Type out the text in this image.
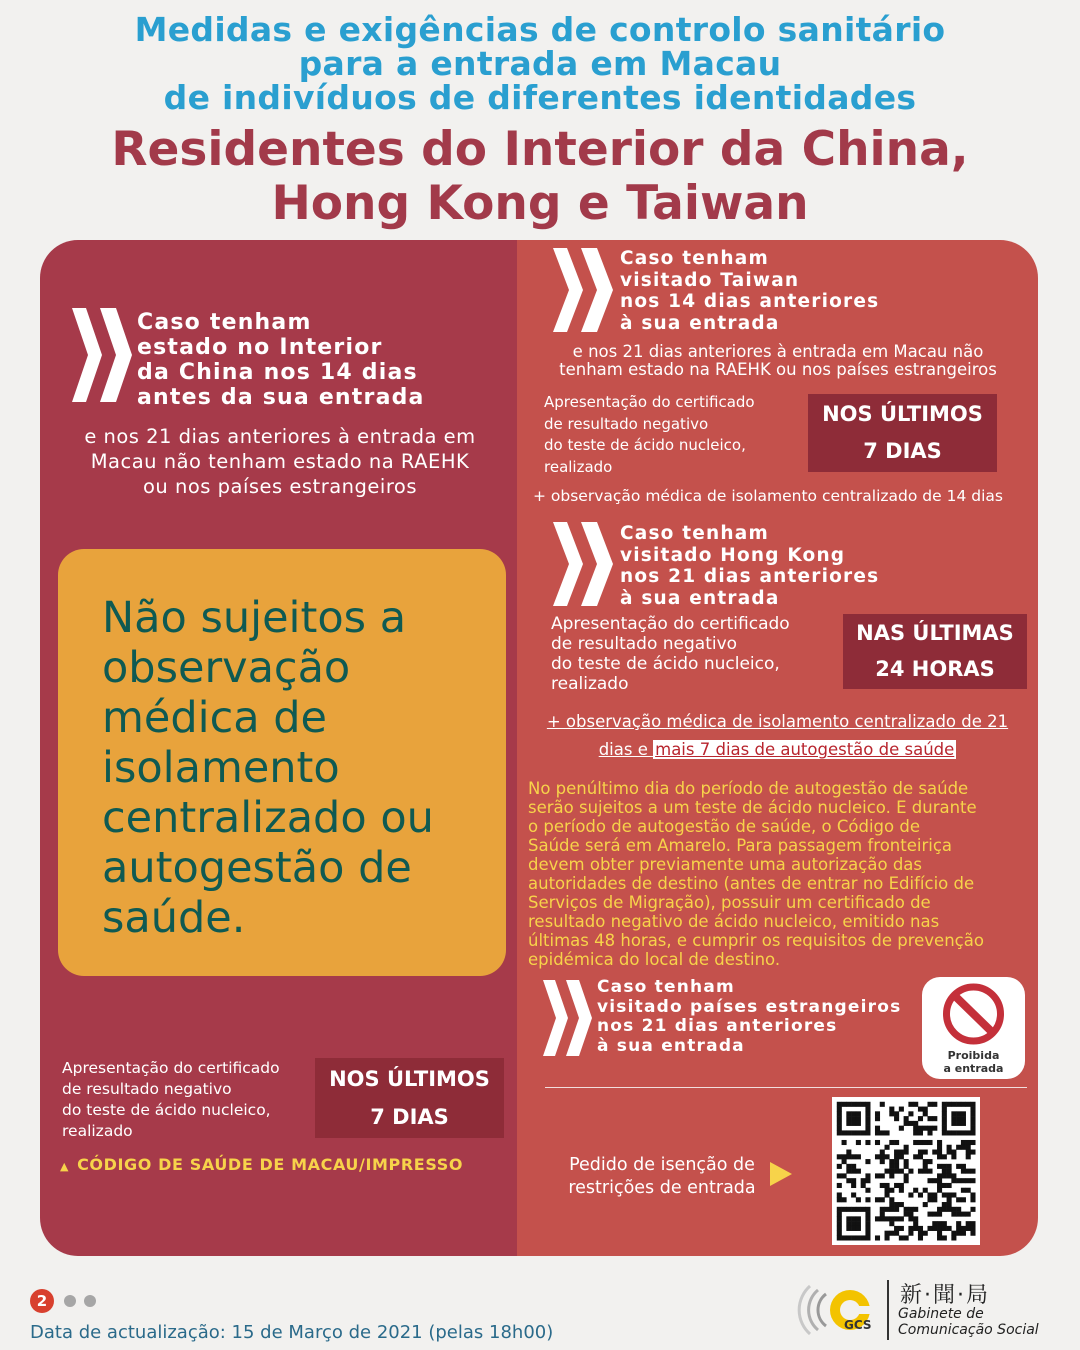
Medidas e exigências de controlo sanitário
para a entrada em Macau
de indivíduos de diferentes identidades
Residentes do Interior da China,
Hong Kong e Taiwan
Caso tenham
estado no Interior
da China nos 14 dias
antes da sua entrada
e nos 21 dias anteriores à entrada em
Macau não tenham estado na RAEHK
ou nos países estrangeiros
Não sujeitos a
observação
médica de
isolamento
centralizado ou
autogestão de
saúde.
Apresentação do certificado
de resultado negativo
do teste de ácido nucleico,
realizado
NOS ÚLTIMOS
7 DIAS
▲ CÓDIGO DE SAÚDE DE MACAU/IMPRESSO
Caso tenham
visitado Taiwan
nos 14 dias anteriores
à sua entrada
e nos 21 dias anteriores à entrada em Macau não
tenham estado na RAEHK ou nos países estrangeiros
Apresentação do certificado
de resultado negativo
do teste de ácido nucleico,
realizado
NOS ÚLTIMOS
7 DIAS
+ observação médica de isolamento centralizado de 14 dias
Caso tenham
visitado Hong Kong
nos 21 dias anteriores
à sua entrada
Apresentação do certificado
de resultado negativo
do teste de ácido nucleico,
realizado
NAS ÚLTIMAS
24 HORAS
+ observação médica de isolamento centralizado de 21
dias e mais 7 dias de autogestão de saúde
No penúltimo dia do período de autogestão de saúde
serão sujeitos a um teste de ácido nucleico. E durante
o período de autogestão de saúde, o Código de
Saúde será em Amarelo. Para passagem fronteiriça
devem obter previamente uma autorização das
autoridades de destino (antes de entrar no Edifício de
Serviços de Migração), possuir um certificado de
resultado negativo de ácido nucleico, emitido nas
últimas 48 horas, e cumprir os requisitos de prevenção
epidémica do local de destino.
Caso tenham
visitado países estrangeiros
nos 21 dias anteriores
à sua entrada	Proibida
a entrada
Pedido de isenção de
restrições de entrada
2
Data de actualização: 15 de Março de 2021 (pelas 18h00)	GCS
新·聞·局
Gabinete de
Comunicação Social
